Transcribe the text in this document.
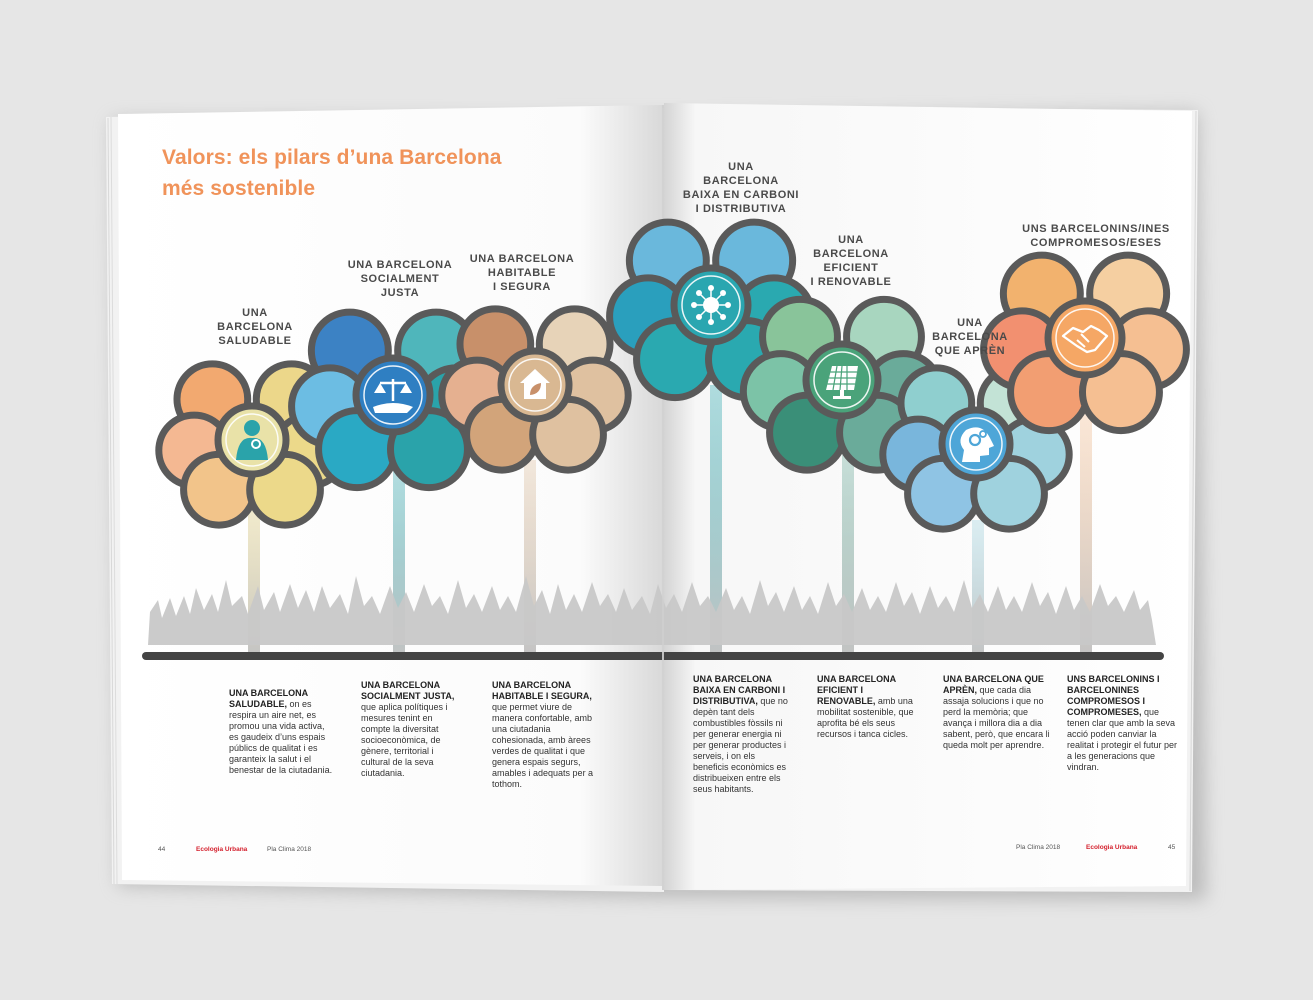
Valors: els pilars d’una Barcelona
més sostenible
UNA
BARCELONA
SALUDABLE
UNA BARCELONA
SOCIALMENT
JUSTA
UNA BARCELONA
HABITABLE
I SEGURA
UNA
BARCELONA
BAIXA EN CARBONI
I DISTRIBUTIVA
UNA
BARCELONA
EFICIENT
I RENOVABLE
UNA
BARCELONA
QUE APRÈN
UNS BARCELONINS/INES
COMPROMESOS/ESES
UNA BARCELONA SALUDABLE, on es respira un aire net, es promou una vida activa, es gaudeix d’uns espais públics de qualitat i es garanteix la salut i el benestar de la ciutadania.
UNA BARCELONA SOCIALMENT JUSTA, que aplica polítiques i mesures tenint en compte la diversitat socioeconòmica, de gènere, territorial i cultural de la seva ciutadania.
UNA BARCELONA HABITABLE I SEGURA, que permet viure de manera confortable, amb una ciutadania cohesionada, amb àrees verdes de qualitat i que genera espais segurs, amables i adequats per a tothom.
UNA BARCELONA BAIXA EN CARBONI I DISTRIBUTIVA, que no depèn tant dels combustibles fòssils ni per generar energia ni per generar productes i serveis, i on els beneficis econòmics es distribueixen entre els seus habitants.
UNA BARCELONA EFICIENT I RENOVABLE, amb una mobilitat sostenible, que aprofita bé els seus recursos i tanca cicles.
UNA BARCELONA QUE APRÈN, que cada dia assaja solucions i que no perd la memòria; que avança i millora dia a dia sabent, però, que encara li queda molt per aprendre.
UNS BARCELONINS I BARCELONINES COMPROMESOS I COMPROMESES, que tenen clar que amb la seva acció poden canviar la realitat i protegir el futur per a les generacions que vindran.
44	Ecologia Urbana	Pla Clima 2018	Pla Clima 2018	Ecologia Urbana	45
